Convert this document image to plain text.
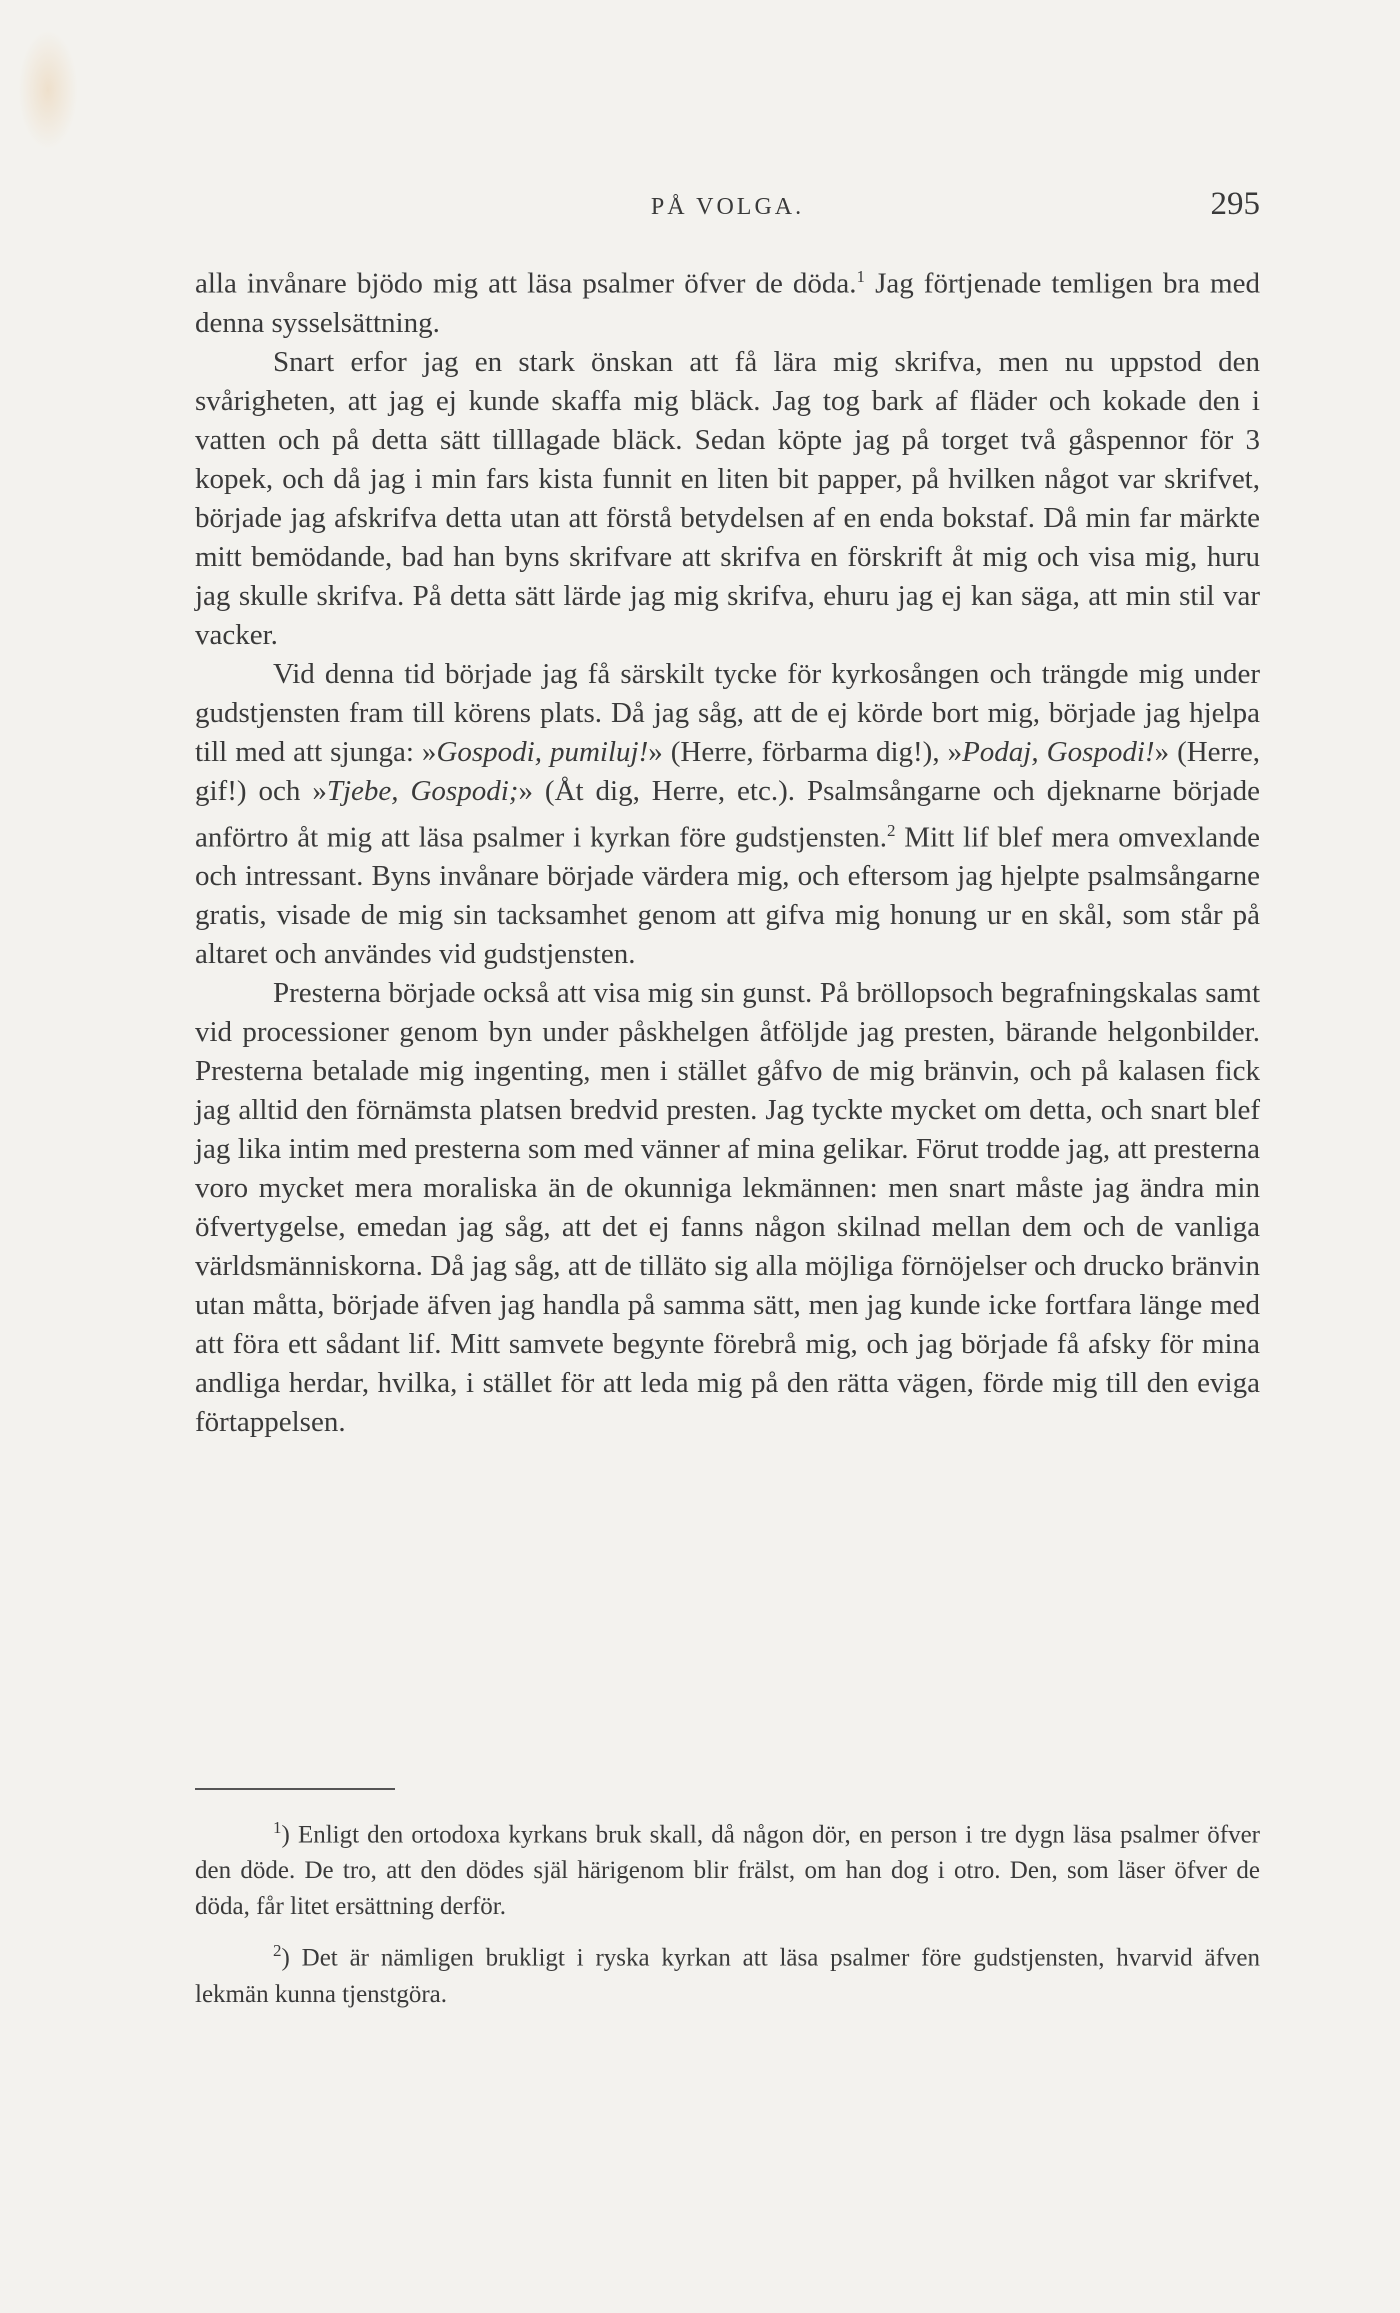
PÅ VOLGA.	295

alla invånare bjödo mig att läsa psalmer öfver de döda.$^1$ Jag förtjenade temligen bra med denna sysselsättning.

Snart erfor jag en stark önskan att få lära mig skrifva, men nu uppstod den svårigheten, att jag ej kunde skaffa mig bläck. Jag tog bark af fläder och kokade den i vatten och på detta sätt tilllagade bläck. Sedan köpte jag på torget två gåspennor för 3 kopek, och då jag i min fars kista funnit en liten bit papper, på hvilken något var skrifvet, började jag afskrifva detta utan att förstå betydelsen af en enda bokstaf. Då min far märkte mitt bemödande, bad han byns skrifvare att skrifva en förskrift åt mig och visa mig, huru jag skulle skrifva. På detta sätt lärde jag mig skrifva, ehuru jag ej kan säga, att min stil var vacker.

Vid denna tid började jag få särskilt tycke för kyrkosången och trängde mig under gudstjensten fram till körens plats. Då jag såg, att de ej körde bort mig, började jag hjelpa till med att sjunga: »Gospodi, pumiluj!» (Herre, förbarma dig!), »Podaj, Gospodi!» (Herre, gif!) och »Tjebe, Gospodi;» (Åt dig, Herre, etc.). Psalmsångarne och djeknarne började anförtro åt mig att läsa psalmer i kyrkan före gudstjensten.$^2$ Mitt lif blef mera omvexlande och intressant. Byns invånare började värdera mig, och eftersom jag hjelpte psalmsångarne gratis, visade de mig sin tacksamhet genom att gifva mig honung ur en skål, som står på altaret och användes vid gudstjensten.

Presterna började också att visa mig sin gunst. På bröllopsoch begrafningskalas samt vid processioner genom byn under påskhelgen åtföljde jag presten, bärande helgonbilder. Presterna betalade mig ingenting, men i stället gåfvo de mig bränvin, och på kalasen fick jag alltid den förnämsta platsen bredvid presten. Jag tyckte mycket om detta, och snart blef jag lika intim med presterna som med vänner af mina gelikar. Förut trodde jag, att presterna voro mycket mera moraliska än de okunniga lekmännen: men snart måste jag ändra min öfvertygelse, emedan jag såg, att det ej fanns någon skilnad mellan dem och de vanliga världsmänniskorna. Då jag såg, att de tilläto sig alla möjliga förnöjelser och drucko bränvin utan måtta, började äfven jag handla på samma sätt, men jag kunde icke fortfara länge med att föra ett sådant lif. Mitt samvete begynte förebrå mig, och jag började få afsky för mina andliga herdar, hvilka, i stället för att leda mig på den rätta vägen, förde mig till den eviga förtappelsen.

$^1$) Enligt den ortodoxa kyrkans bruk skall, då någon dör, en person i tre dygn läsa psalmer öfver den döde. De tro, att den dödes själ härigenom blir frälst, om han dog i otro. Den, som läser öfver de döda, får litet ersättning derför.

$^2$) Det är nämligen brukligt i ryska kyrkan att läsa psalmer före gudstjensten, hvarvid äfven lekmän kunna tjenstgöra.
